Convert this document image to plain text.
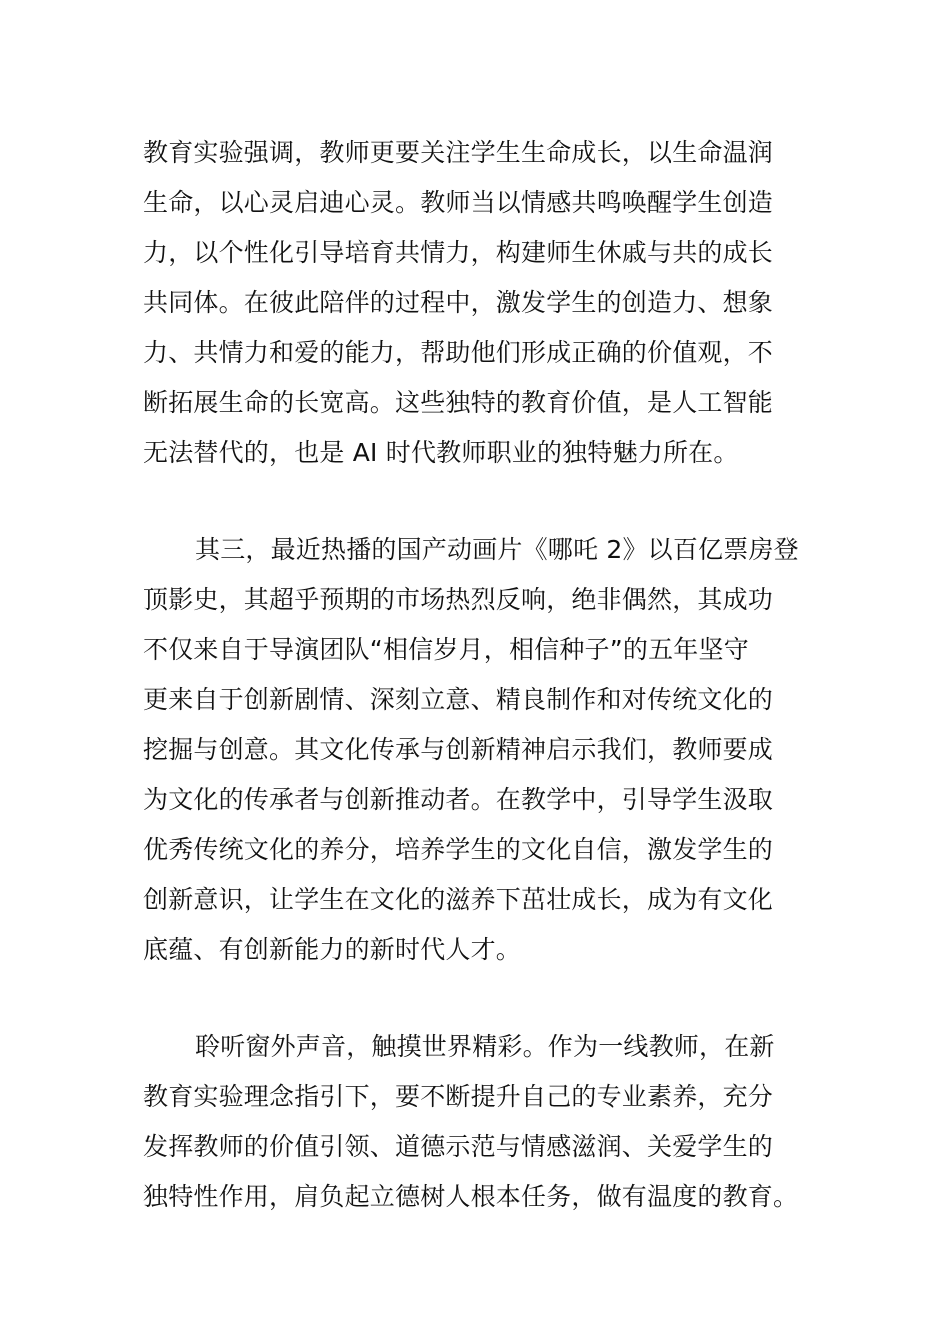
教育实验强调，教师更要关注学生生命成长，以生命温润
生命，以心灵启迪心灵。教师当以情感共鸣唤醒学生创造
力，以个性化引导培育共情力，构建师生休戚与共的成长
共同体。在彼此陪伴的过程中，激发学生的创造力、想象
力、共情力和爱的能力，帮助他们形成正确的价值观，不
断拓展生命的长宽高。这些独特的教育价值，是人工智能
无法替代的，也是 AI 时代教师职业的独特魅力所在。
其三，最近热播的国产动画片《哪吒 2》以百亿票房登
顶影史，其超乎预期的市场热烈反响，绝非偶然，其成功
不仅来自于导演团队“相信岁月，相信种子”的五年坚守
更来自于创新剧情、深刻立意、精良制作和对传统文化的
挖掘与创意。其文化传承与创新精神启示我们，教师要成
为文化的传承者与创新推动者。在教学中，引导学生汲取
优秀传统文化的养分，培养学生的文化自信，激发学生的
创新意识，让学生在文化的滋养下茁壮成长，成为有文化
底蕴、有创新能力的新时代人才。
聆听窗外声音，触摸世界精彩。作为一线教师，在新
教育实验理念指引下，要不断提升自己的专业素养，充分
发挥教师的价值引领、道德示范与情感滋润、关爱学生的
独特性作用，肩负起立德树人根本任务，做有温度的教育。
